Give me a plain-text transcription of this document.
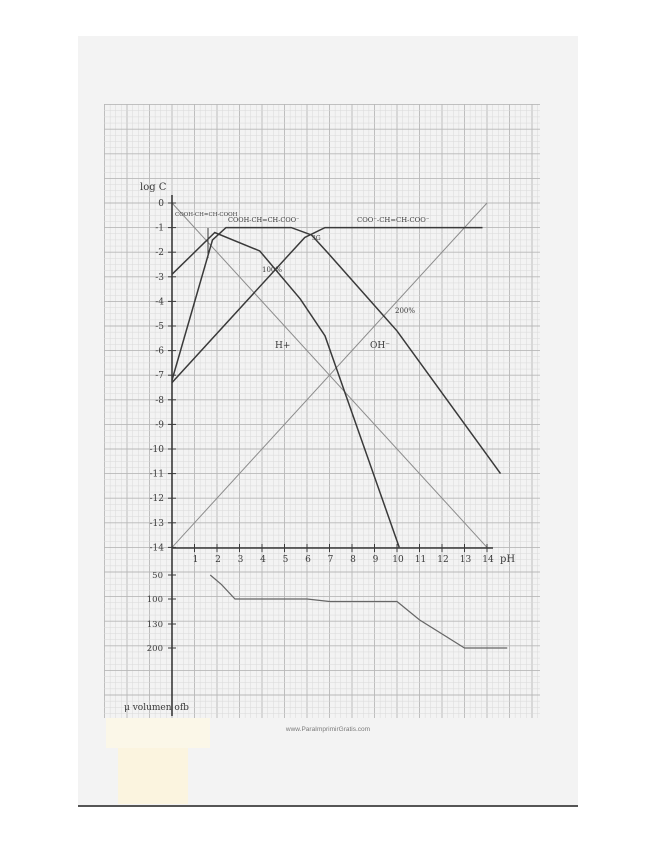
1 2 3 4 5 6 7 8 9 10 11 12 13 14
0
-1
-2
-3
-4
-5
-6
-7
-8
-9
-10
-11
-12
-13
-14
50
100
130
200
log C
pH
μ volumen ofb
COOH-CH=CH-COOH
COOH-CH=CH-COO⁻	COO⁻-CH=CH-COO⁻
100%
200%
H+	OH⁻
3G
www.ParaImprimirGratis.com
